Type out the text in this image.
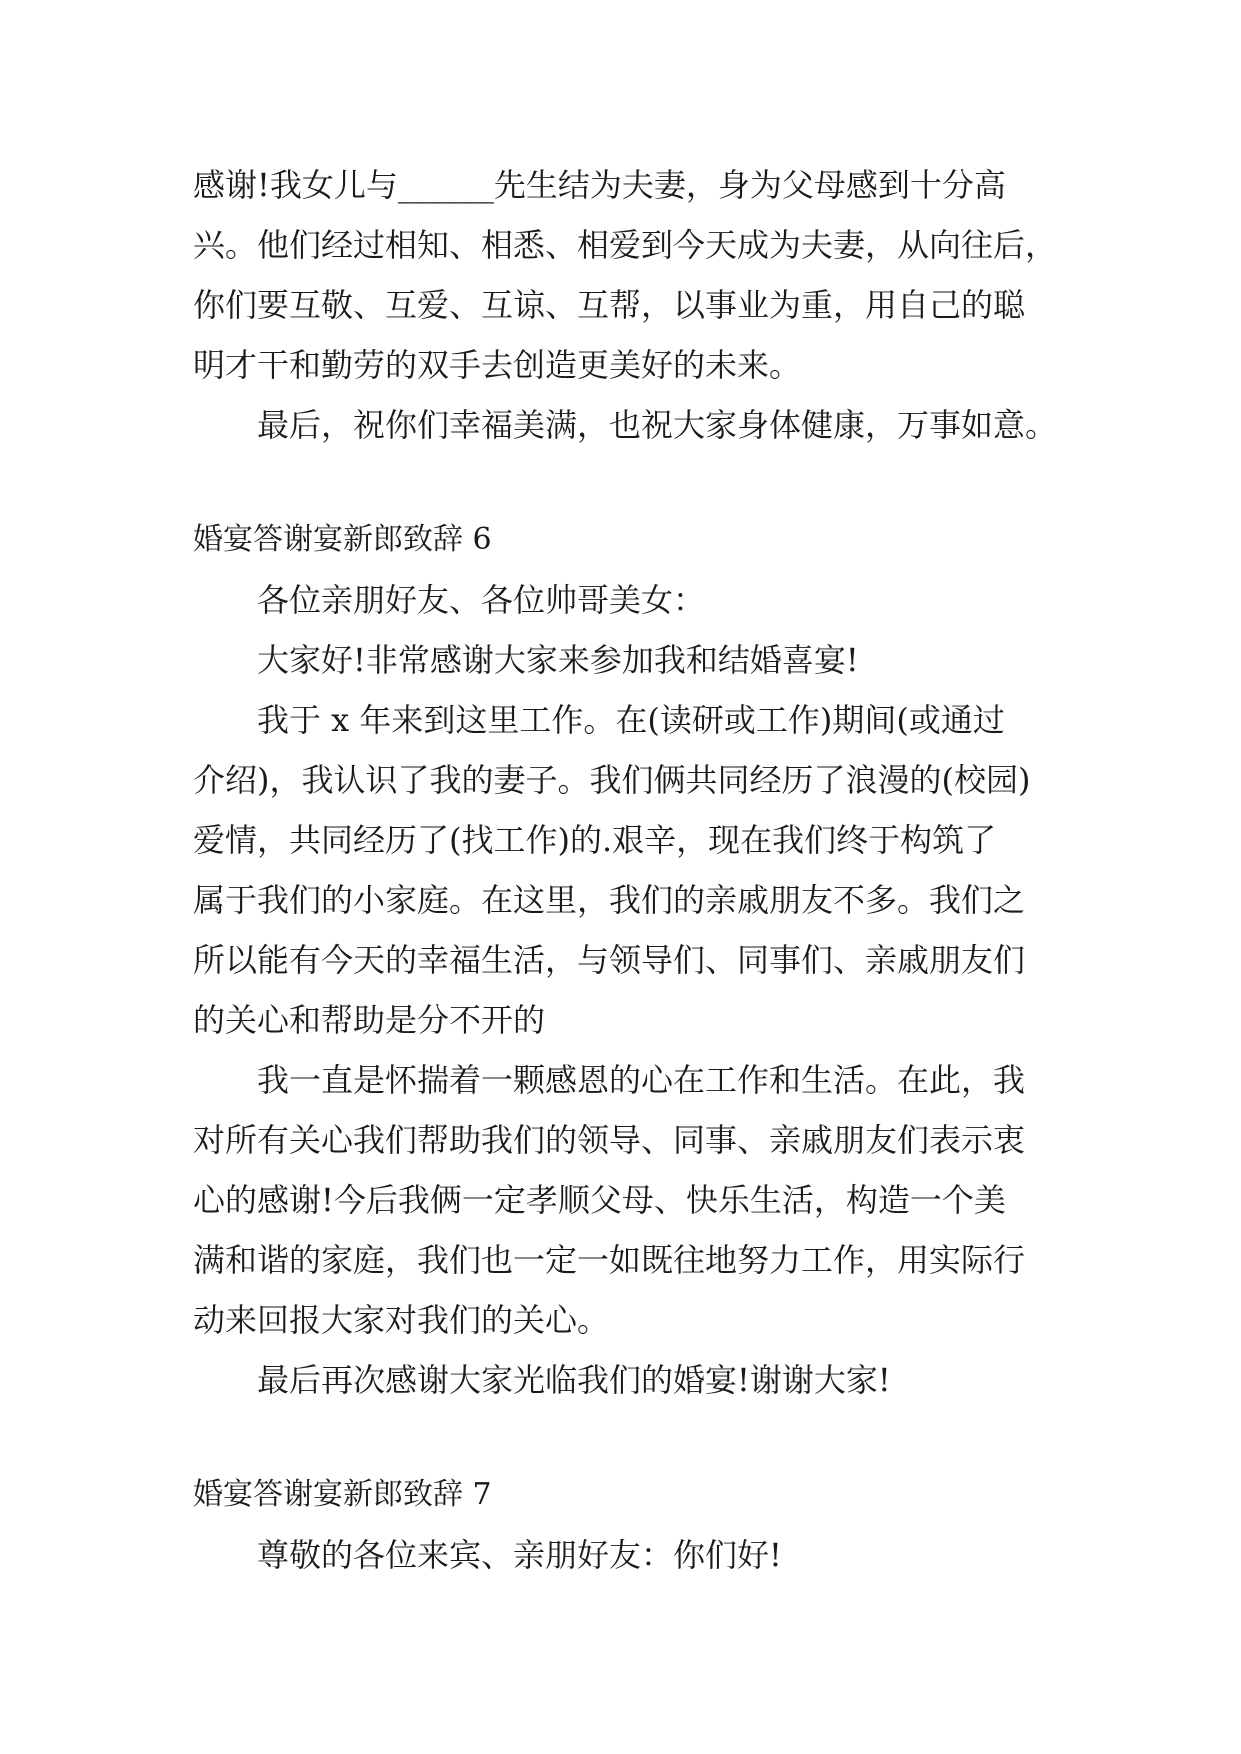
感谢!我女儿与______先生结为夫妻，身为父母感到十分高
兴。他们经过相知、相悉、相爱到今天成为夫妻，从向往后，
你们要互敬、互爱、互谅、互帮，以事业为重，用自己的聪
明才干和勤劳的双手去创造更美好的未来。
最后，祝你们幸福美满，也祝大家身体健康，万事如意。
婚宴答谢宴新郎致辞 6
各位亲朋好友、各位帅哥美女：
大家好!非常感谢大家来参加我和结婚喜宴!
我于 x 年来到这里工作。在(读研或工作)期间(或通过
介绍)，我认识了我的妻子。我们俩共同经历了浪漫的(校园)
爱情，共同经历了(找工作)的.艰辛，现在我们终于构筑了
属于我们的小家庭。在这里，我们的亲戚朋友不多。我们之
所以能有今天的幸福生活，与领导们、同事们、亲戚朋友们
的关心和帮助是分不开的
我一直是怀揣着一颗感恩的心在工作和生活。在此，我
对所有关心我们帮助我们的领导、同事、亲戚朋友们表示衷
心的感谢!今后我俩一定孝顺父母、快乐生活，构造一个美
满和谐的家庭，我们也一定一如既往地努力工作，用实际行
动来回报大家对我们的关心。
最后再次感谢大家光临我们的婚宴!谢谢大家!
婚宴答谢宴新郎致辞 7
尊敬的各位来宾、亲朋好友：你们好!
